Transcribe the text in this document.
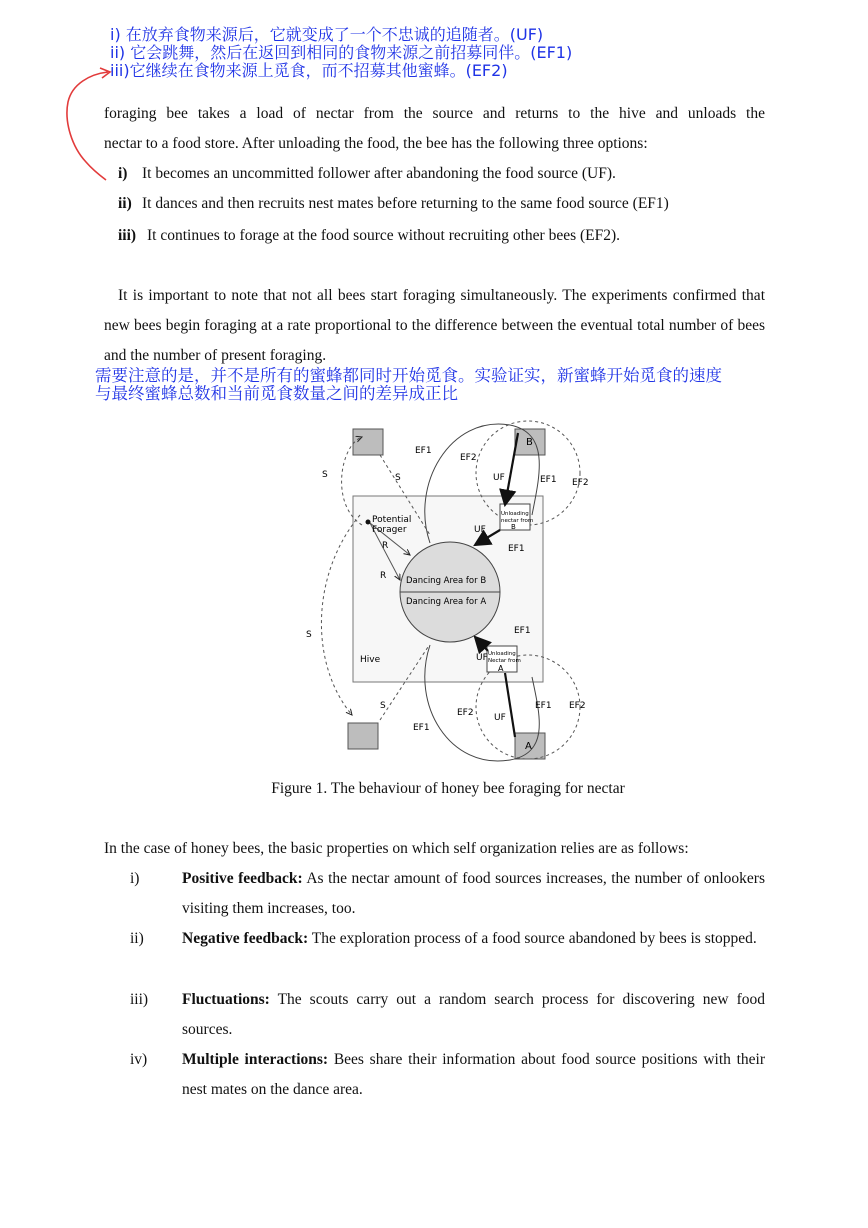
i) 在放弃食物来源后，它就变成了一个不忠诚的追随者。(UF)
ii) 它会跳舞，然后在返回到相同的食物来源之前招募同伴。(EF1)
iii)它继续在食物来源上觅食，而不招募其他蜜蜂。(EF2)
foraging bee takes a load of nectar from the source and returns to the hive and unloads the
nectar to a food store. After unloading the food, the bee has the following three options:
i) It becomes an uncommitted follower after abandoning the food source (UF).
ii) It dances and then recruits nest mates before returning to the same food source (EF1)
iii) It continues to forage at the food source without recruiting other bees (EF2).
It is important to note that not all bees start foraging simultaneously. The experiments confirmed that new bees begin foraging at a rate proportional to the difference between the eventual total number of bees and the number of present foraging.
需要注意的是，并不是所有的蜜蜂都同时开始觅食。实验证实，新蜜蜂开始觅食的速度
与最终蜜蜂总数和当前觅食数量之间的差异成正比
Hive
Potential
Forager
Dancing Area for B
Dancing Area for A
Unloading
nectar from
B
Unloading
Nectar from
A
B
A
UF
UF
UF
UF
EF1
EF1
EF1
EF1
EF1
EF1
EF2
EF2
EF2
EF2
S	S
S
S
R
R
Figure 1. The behaviour of honey bee foraging for nectar
In the case of honey bees, the basic properties on which self organization relies are as follows:
i)	Positive feedback: As the nectar amount of food sources increases, the number of onlookers visiting them increases, too.
ii) Negative feedback: The exploration process of a food source abandoned by bees is stopped.
iii) Fluctuations: The scouts carry out a random search process for discovering new food sources.
iv) Multiple interactions: Bees share their information about food source positions with their nest mates on the dance area.
